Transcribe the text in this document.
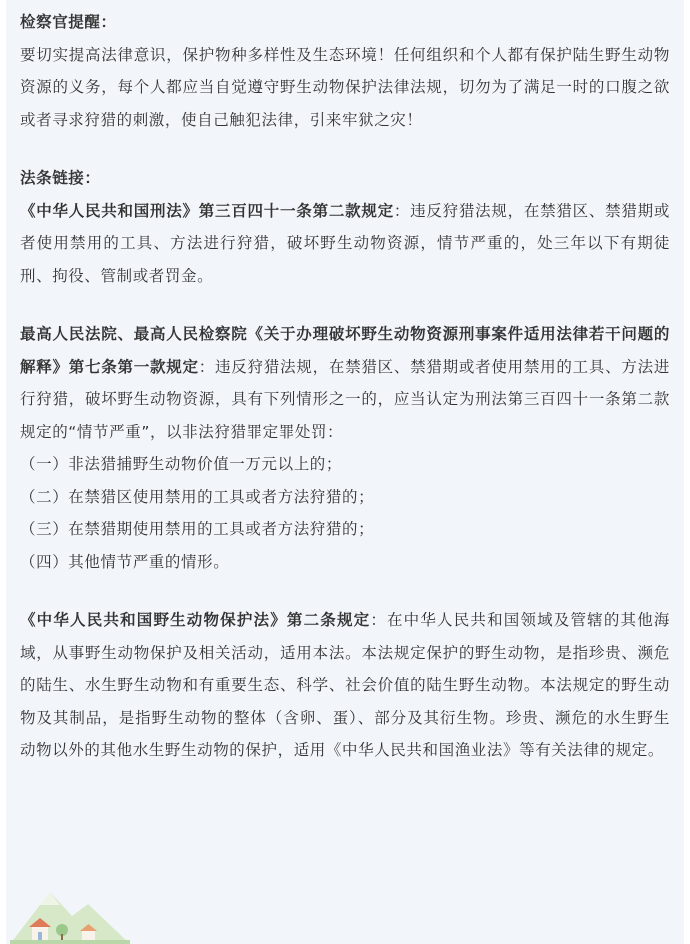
检察官提醒：

要切实提高法律意识，保护物种多样性及生态环境！任何组织和个人都有保护陆生野生动物资源的义务，每个人都应当自觉遵守野生动物保护法律法规，切勿为了满足一时的口腹之欲或者寻求狩猎的刺激，使自己触犯法律，引来牢狱之灾！

法条链接：

《中华人民共和国刑法》第三百四十一条第二款规定：违反狩猎法规，在禁猎区、禁猎期或者使用禁用的工具、方法进行狩猎，破坏野生动物资源，情节严重的，处三年以下有期徒刑、拘役、管制或者罚金。

最高人民法院、最高人民检察院《关于办理破坏野生动物资源刑事案件适用法律若干问题的解释》第七条第一款规定：违反狩猎法规，在禁猎区、禁猎期或者使用禁用的工具、方法进行狩猎，破坏野生动物资源，具有下列情形之一的，应当认定为刑法第三百四十一条第二款规定的“情节严重”，以非法狩猎罪定罪处罚：

（一）非法猎捕野生动物价值一万元以上的；

（二）在禁猎区使用禁用的工具或者方法狩猎的；

（三）在禁猎期使用禁用的工具或者方法狩猎的；

（四）其他情节严重的情形。

《中华人民共和国野生动物保护法》第二条规定：在中华人民共和国领域及管辖的其他海域，从事野生动物保护及相关活动，适用本法。本法规定保护的野生动物，是指珍贵、濒危的陆生、水生野生动物和有重要生态、科学、社会价值的陆生野生动物。本法规定的野生动物及其制品，是指野生动物的整体（含卵、蛋）、部分及其衍生物。珍贵、濒危的水生野生动物以外的其他水生野生动物的保护，适用《中华人民共和国渔业法》等有关法律的规定。
